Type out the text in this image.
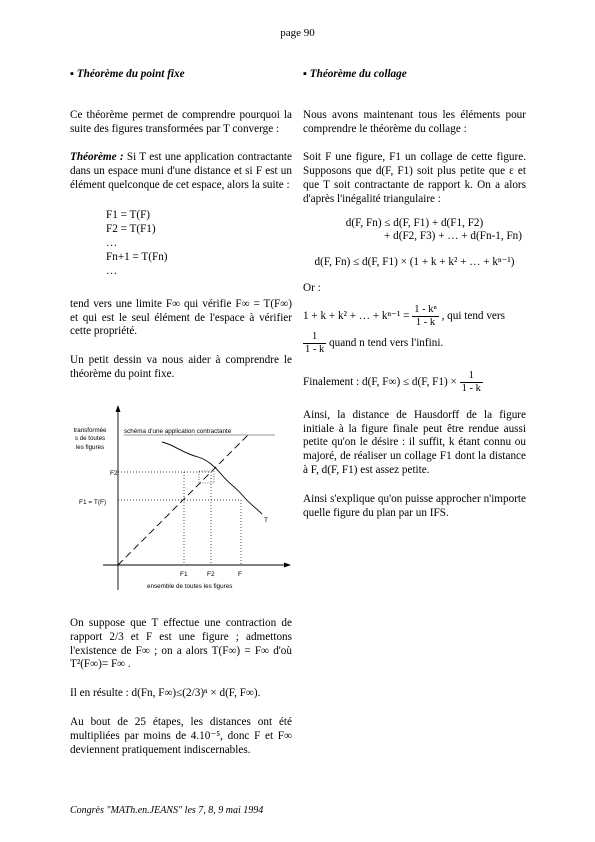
page 90

▪ Théorème du point fixe

Ce théorème permet de comprendre pourquoi la suite des figures transformées par T converge :

Théorème : Si T est une application contractante dans un espace muni d'une distance et si F est un élément quelconque de cet espace, alors la suite :

F1 = T(F)
F2 = T(F1)
…
Fn+1 = T(Fn)
…

tend vers une limite F∞ qui vérifie F∞ = T(F∞) et qui est le seul élément de l'espace à vérifier cette propriété.

Un petit dessin va nous aider à comprendre le théorème du point fixe.

transformée
s de toutes
les figures
schéma d'une application contractante
F2
F1 = T(F)
T
F1	F2	F
ensemble de toutes les figures

On suppose que T effectue une contraction de rapport 2/3 et F est une figure ; admettons l'existence de F∞ ; on a alors T(F∞) = F∞ d'où T²(F∞)= F∞ .

Il en résulte : d(Fn, F∞)≤(2/3)ⁿ × d(F, F∞).

Au bout de 25 étapes, les distances ont été multipliées par moins de 4.10⁻⁵, donc F et F∞ deviennent pratiquement indiscernables.

▪ Théorème du collage

Nous avons maintenant tous les éléments pour comprendre le théorème du collage :

Soit F une figure, F1 un collage de cette figure. Supposons que d(F, F1) soit plus petite que ε et que T soit contractante de rapport k. On a alors d'après l'inégalité triangulaire :

d(F, Fn) ≤ d(F, F1) + d(F1, F2)
+ d(F2, F3) + … + d(Fn-1, Fn)
d(F, Fn) ≤ d(F, F1) × (1 + k + k² + … + kⁿ⁻¹)

Or :

1 + k + k² + … + $k^{n-1} = \frac{\text{1 - kⁿ}}{1 - k}$ , qui tend vers
$\frac{1}{1 - k}$ quand n tend vers l'infini.
Finalement : d(F, F∞) ≤ d(F, $F1) \times \frac{1}{1 - k}$

Ainsi, la distance de Hausdorff de la figure initiale à la figure finale peut être rendue aussi petite qu'on le désire : il suffit, k étant connu ou majoré, de réaliser un collage F1 dont la distance à F, d(F, F1) est assez petite.

Ainsi s'explique qu'on puisse approcher n'importe quelle figure du plan par un IFS.

Congrès "MATh.en.JEANS" les 7, 8, 9 mai 1994
